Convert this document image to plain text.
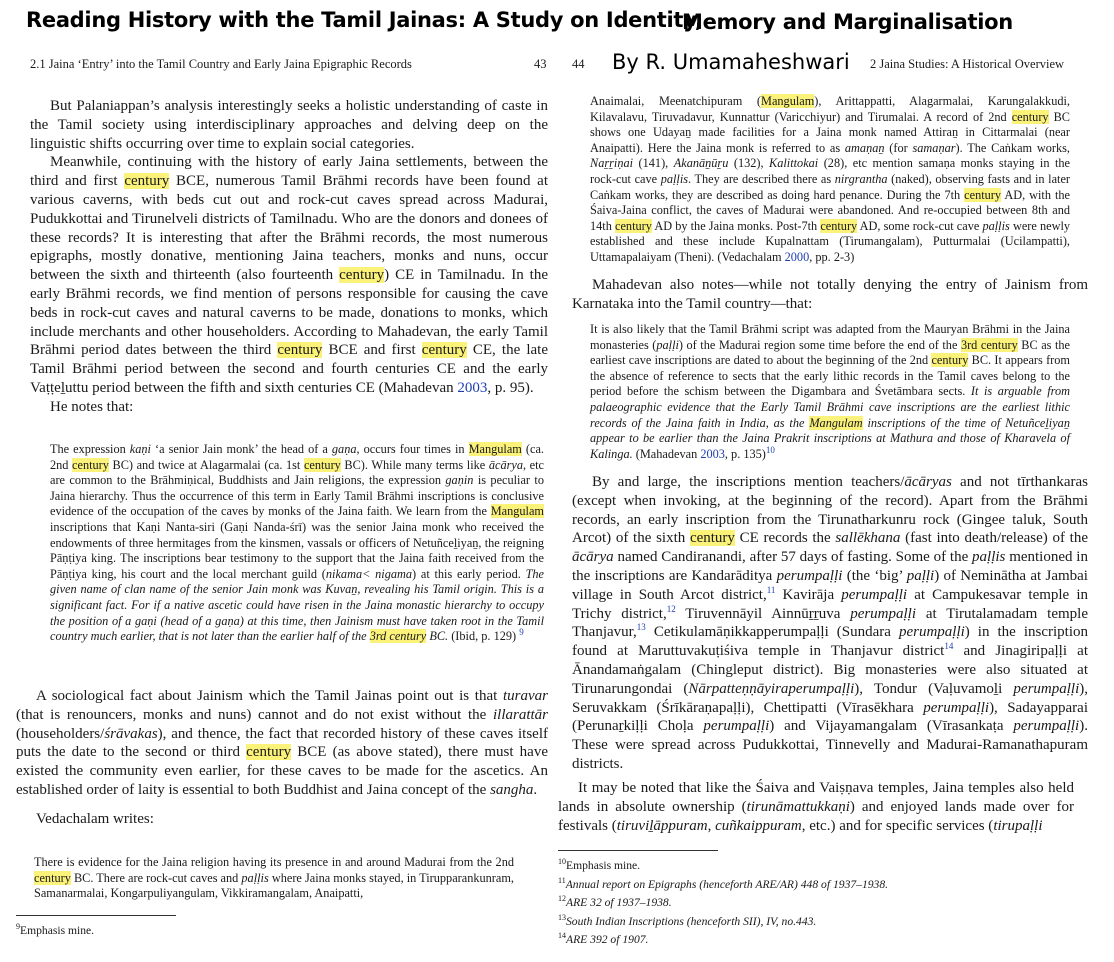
Reading History with the Tamil Jainas: A Study on Identity,
Memory and Marginalisation
By R. Umamaheshwari
2.1 Jaina ‘Entry’ into the Tamil Country and Early Jaina Epigraphic Records	43

But Palaniappan’s analysis interestingly seeks a holistic understanding of caste in the Tamil society using interdisciplinary approaches and delving deep on the linguistic shifts occurring over time to explain social categories.

Meanwhile, continuing with the history of early Jaina settlements, between the third and first century BCE, numerous Tamil Brāhmi records have been found at various caverns, with beds cut out and rock-cut caves spread across Madurai, Pudukkottai and Tirunelveli districts of Tamilnadu. Who are the donors and donees of these records? It is interesting that after the Brāhmi records, the most numerous epigraphs, mostly donative, mentioning Jaina teachers, monks and nuns, occur between the sixth and thirteenth (also fourteenth century) CE in Tamilnadu. In the early Brāhmi records, we find mention of persons responsible for causing the cave beds in rock-cut caves and natural caverns to be made, donations to monks, which include merchants and other householders. According to Mahadevan, the early Tamil Brāhmi period dates between the third century BCE and first century CE, the late Tamil Brāhmi period between the second and fourth centuries CE and the early Vaṭṭeḻuttu period between the fifth and sixth centuries CE (Mahadevan 2003, p. 95).

He notes that:

The expression kaṇi ‘a senior Jain monk’ the head of a gaṇa, occurs four times in Mangulam (ca. 2nd century BC) and twice at Alagarmalai (ca. 1st century BC). While many terms like ācārya, etc are common to the Brāhmiṇical, Buddhists and Jain religions, the expression gaṇin is peculiar to Jaina hierarchy. Thus the occurrence of this term in Early Tamil Brāhmi inscriptions is conclusive evidence of the occupation of the caves by monks of the Jaina faith. We learn from the Mangulam inscriptions that Kaṇi Nanta-siri (Gaṇi Nanda-śrī) was the senior Jaina monk who received the endowments of three hermitages from the kinsmen, vassals or officers of Netuñceḻiyaṉ, the reigning Pāṇṭiya king. The inscriptions bear testimony to the support that the Jaina faith received from the Pāṇṭiya king, his court and the local merchant guild (nikama< nigama) at this early period. The given name of clan name of the senior Jain monk was Kuvaṉ, revealing his Tamil origin. This is a significant fact. For if a native ascetic could have risen in the Jaina monastic hierarchy to occupy the position of a gaṇi (head of a gaṇa) at this time, then Jainism must have taken root in the Tamil country much earlier, that is not later than the earlier half of the 3rd century BC. (Ibid, p. 129) $^9$

A sociological fact about Jainism which the Tamil Jainas point out is that turavar (that is renouncers, monks and nuns) cannot and do not exist without the illarattār (householders/śrāvakas), and thence, the fact that recorded history of these caves itself puts the date to the second or third century BCE (as above stated), there must have existed the community even earlier, for these caves to be made for the ascetics. An established order of laity is essential to both Buddhist and Jaina concept of the sangha.

Vedachalam writes:

There is evidence for the Jaina religion having its presence in and around Madurai from the 2nd century BC. There are rock-cut caves and paḷḷis where Jaina monks stayed, in Tirupparankunram, Samanarmalai, Kongarpuliyangulam, Vikkiramangalam, Anaipatti,

$^9$Emphasis mine.
44	2 Jaina Studies: A Historical Overview

Anaimalai, Meenatchipuram (Mangulam), Arittappatti, Alagarmalai, Karungalakkudi, Kilavalavu, Tiruvadavur, Kunnattur (Varicchiyur) and Tirumalai. A record of 2nd century BC shows one Udayaṉ made facilities for a Jaina monk named Attiraṉ in Cittarmalai (near Anaipatti). Here the Jaina monk is referred to as amaṇaṉ (for samaṇar). The Caṅkam works, Naṟṟiṇai (141), Akanāṉūṟu (132), Kalittokai (28), etc mention samaṇa monks staying in the rock-cut cave paḷḷis. They are described there as nirgrantha (naked), observing fasts and in later Caṅkam works, they are described as doing hard penance. During the 7th century AD, with the Śaiva-Jaina conflict, the caves of Madurai were abandoned. And re-occupied between 8th and 14th century AD by the Jaina monks. Post-7th century AD, some rock-cut cave paḷḷis were newly established and these include Kupalnattam (Tirumangalam), Putturmalai (Ucilampatti), Uttamapalaiyam (Theni). (Vedachalam 2000, pp. 2-3)

Mahadevan also notes—while not totally denying the entry of Jainism from Karnataka into the Tamil country—that:

It is also likely that the Tamil Brāhmi script was adapted from the Mauryan Brāhmi in the Jaina monasteries (paḷḷi) of the Madurai region some time before the end of the 3rd century BC as the earliest cave inscriptions are dated to about the beginning of the 2nd century BC. It appears from the absence of reference to sects that the early lithic records in the Tamil caves belong to the period before the schism between the Digambara and Śvetāmbara sects. It is arguable from palaeographic evidence that the Early Tamil Brāhmi cave inscriptions are the earliest lithic records of the Jaina faith in India, as the Mangulam inscriptions of the time of Netuñceḻiyaṉ appear to be earlier than the Jaina Prakrit inscriptions at Mathura and those of Kharavela of Kalinga. (Mahadevan 2003, p. 135)$^{10}$

By and large, the inscriptions mention teachers/ācāryas and not tīrthankaras (except when invoking, at the beginning of the record). Apart from the Brāhmi records, an early inscription from the Tirunatharkunru rock (Gingee taluk, South Arcot) of the sixth century CE records the sallēkhana (fast into death/release) of the ācārya named Candiranandi, after 57 days of fasting. Some of the paḷḷis mentioned in the inscriptions are Kandarāditya perumpaḷḷi (the ‘big’ paḷḷi) of Neminātha at Jambai village in South Arcot district,$^{11}$ Kavirāja perumpaḷḷi at Campukesavar temple in Trichy district,$^{12}$ Tiruvennāyil Ainnūṟṟuva perumpaḷḷi at Tirutalamadam temple Thanjavur,$^{13}$ Cetikulamāṇikkapperumpaḷḷi (Sundara perumpaḷḷi) in the inscription found at Maruttuvakuṭiśiva temple in Thanjavur district$^{14}$ and Jinagiripaḷḷi at Ānandamaṅgalam (Chingleput district). Big monasteries were also situated at Tirunarungondai (Nārpatteṇṇāyiraperumpaḷḷi), Tondur (Vaḷuvamoḻi perumpaḷḷi), Seruvakkam (Śrīkāraṇapaḷḷi), Chettipatti (Vīrasēkhara perumpaḷḷi), Sadayapparai (Perunaṟkiḷḷi Choḷa perumpaḷḷi) and Vijayamangalam (Vīrasankaṭa perumpaḷḷi). These were spread across Pudukkottai, Tinnevelly and Madurai-Ramanathapuram districts.

It may be noted that like the Śaiva and Vaiṣṇava temples, Jaina temples also held lands in absolute ownership (tirunāmattukkaṇi) and enjoyed lands made over for festivals (tiruviḻāppuram, cuñkaippuram, etc.) and for specific services (tirupaḷḷi

$^{10}$Emphasis mine.
$^{11}$Annual report on Epigraphs (henceforth ARE/AR) 448 of 1937–1938.
$^{12}$ARE 32 of 1937–1938.
$^{13}$South Indian Inscriptions (henceforth SII), IV, no.443.
$^{14}$ARE 392 of 1907.
